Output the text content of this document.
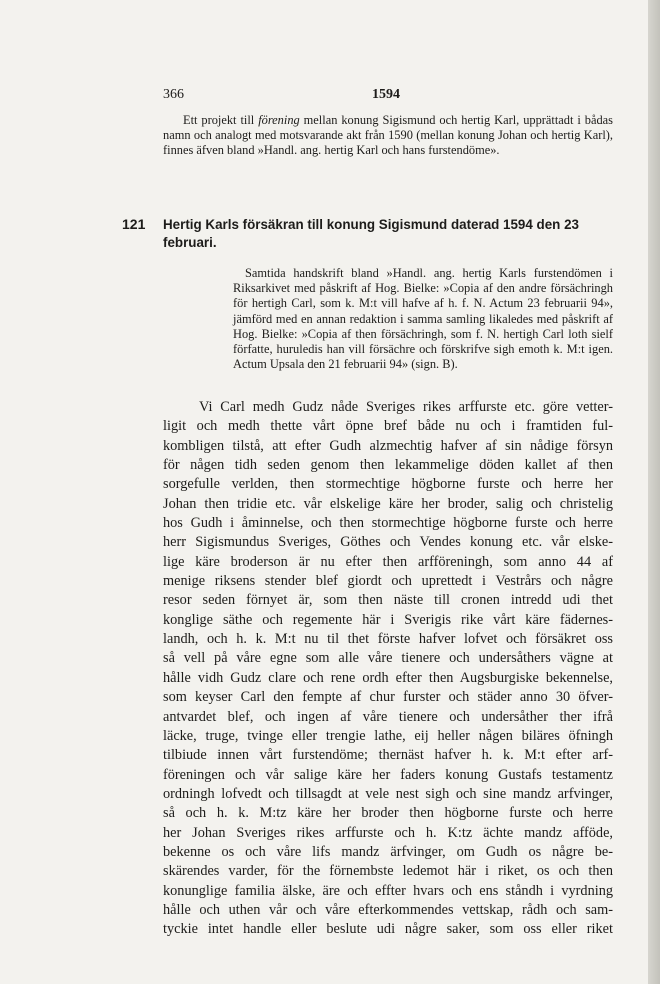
366	1594

Ett projekt till förening mellan konung Sigismund och hertig Karl, upprättadt i bådas namn och analogt med motsvarande akt från 1590 (mellan konung Johan och hertig Karl), finnes äfven bland »Handl. ang. hertig Karl och hans furstendöme».

121 Hertig Karls försäkran till konung Sigismund daterad 1594 den 23 februari.

Samtida handskrift bland »Handl. ang. hertig Karls furstendömen i Riksarkivet med påskrift af Hog. Bielke: »Copia af den andre försächringh för hertigh Carl, som k. M:t vill hafve af h. f. N. Actum 23 februarii 94», jämförd med en annan redaktion i samma samling likaledes med påskrift af Hog. Bielke: »Copia af then försächringh, som f. N. hertigh Carl loth sielf författe, huruledis han vill försächre och förskrifve sigh emoth k. M:t igen. Actum Upsala den 21 februarii 94» (sign. B).

Vi Carl medh Gudz nåde Sveriges rikes arffurste etc. göre vetter-
ligit och medh thette vårt öpne bref både nu och i framtiden ful-
kombligen tilstå, att efter Gudh alzmechtig hafver af sin nådige försyn
för någen tidh seden genom then lekammelige döden kallet af then
sorgefulle verlden, then stormechtige högborne furste och herre her
Johan then tridie etc. vår elskelige käre her broder, salig och christelig
hos Gudh i åminnelse, och then stormechtige högborne furste och herre
herr Sigismundus Sveriges, Göthes och Vendes konung etc. vår elske-
lige käre broderson är nu efter then arfföreningh, som anno 44 af
menige riksens stender blef giordt och uprettedt i Vestrårs och någre
resor seden förnyet är, som then näste till cronen intredd udi thet
konglige säthe och regemente här i Sverigis rike vårt käre fädernes-
landh, och h. k. M:t nu til thet förste hafver lofvet och försäkret oss
så vell på våre egne som alle våre tienere och undersåthers vägne at
hålle vidh Gudz clare och rene ordh efter then Augsburgiske bekennelse,
som keyser Carl den fempte af chur furster och städer anno 30 öfver-
antvardet blef, och ingen af våre tienere och undersåther ther ifrå
läcke, truge, tvinge eller trengie lathe, eij heller någen biläres öfningh
tilbiude innen vårt furstendöme; thernäst hafver h. k. M:t efter arf-
föreningen och vår salige käre her faders konung Gustafs testamentz
ordningh lofvedt och tillsagdt at vele nest sigh och sine mandz arfvinger,
så och h. k. M:tz käre her broder then högborne furste och herre
her Johan Sveriges rikes arffurste och h. K:tz ächte mandz afföde,
bekenne os och våre lifs mandz ärfvinger, om Gudh os någre be-
skärendes varder, för the förnembste ledemot här i riket, os och then
konunglige familia älske, äre och effter hvars och ens ståndh i vyrdning
hålle och uthen vår och våre efterkommendes vettskap, rådh och sam-
tyckie intet handle eller beslute udi någre saker, som oss eller riket
